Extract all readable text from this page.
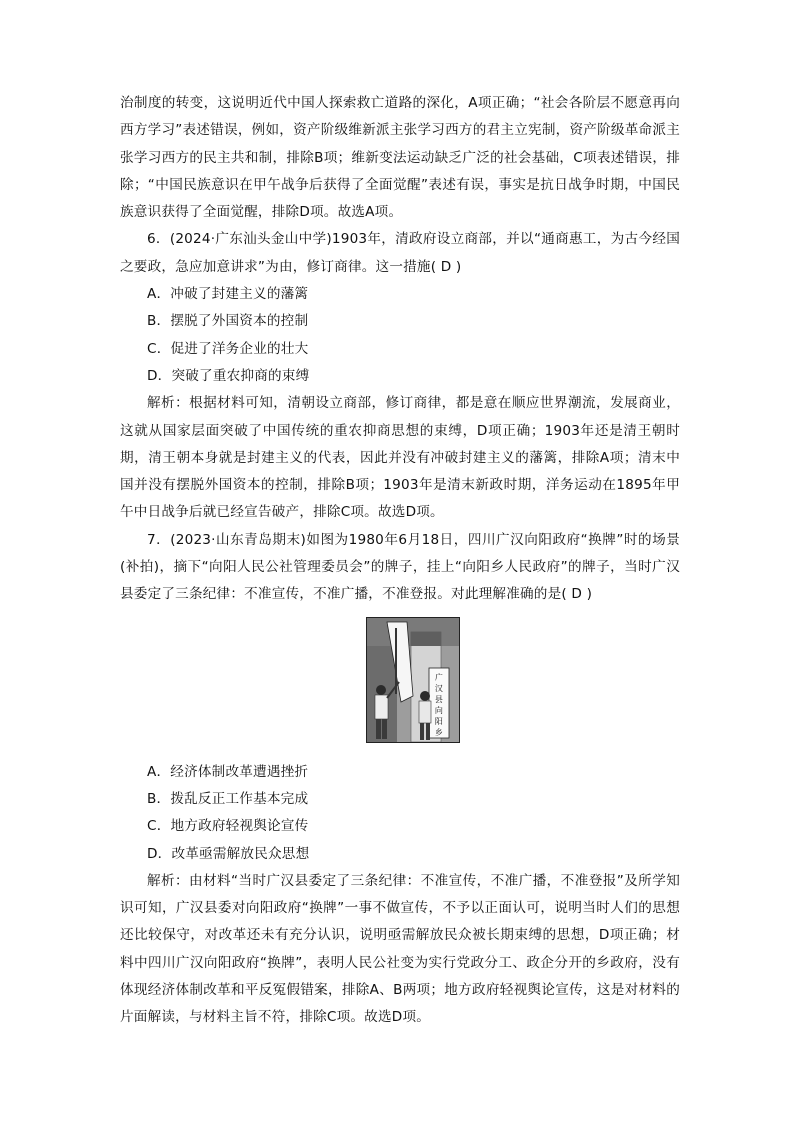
治制度的转变，这说明近代中国人探索救亡道路的深化，A项正确；“社会各阶层不愿意再向西方学习”表述错误，例如，资产阶级维新派主张学习西方的君主立宪制，资产阶级革命派主张学习西方的民主共和制，排除B项；维新变法运动缺乏广泛的社会基础，C项表述错误，排除；“中国民族意识在甲午战争后获得了全面觉醒”表述有误，事实是抗日战争时期，中国民族意识获得了全面觉醒，排除D项。故选A项。

6．(2024·广东汕头金山中学)1903年，清政府设立商部，并以“通商惠工，为古今经国之要政，急应加意讲求”为由，修订商律。这一措施( D )

A．冲破了封建主义的藩篱

B．摆脱了外国资本的控制

C．促进了洋务企业的壮大

D．突破了重农抑商的束缚

解析：根据材料可知，清朝设立商部，修订商律，都是意在顺应世界潮流，发展商业，这就从国家层面突破了中国传统的重农抑商思想的束缚，D项正确；1903年还是清王朝时期，清王朝本身就是封建主义的代表，因此并没有冲破封建主义的藩篱，排除A项；清末中国并没有摆脱外国资本的控制，排除B项；1903年是清末新政时期，洋务运动在1895年甲午中日战争后就已经宣告破产，排除C项。故选D项。

7．(2023·山东青岛期末)如图为1980年6月18日，四川广汉向阳政府“换牌”时的场景(补拍)，摘下“向阳人民公社管理委员会”的牌子，挂上“向阳乡人民政府”的牌子，当时广汉县委定了三条纪律：不准宣传，不准广播，不准登报。对此理解准确的是( D )

广
汉
县
向
阳
乡

A．经济体制改革遭遇挫折

B．拨乱反正工作基本完成

C．地方政府轻视舆论宣传

D．改革亟需解放民众思想

解析：由材料“当时广汉县委定了三条纪律：不准宣传，不准广播，不准登报”及所学知识可知，广汉县委对向阳政府“换牌”一事不做宣传，不予以正面认可，说明当时人们的思想还比较保守，对改革还未有充分认识，说明亟需解放民众被长期束缚的思想，D项正确；材料中四川广汉向阳政府“换牌”，表明人民公社变为实行党政分工、政企分开的乡政府，没有体现经济体制改革和平反冤假错案，排除A、B两项；地方政府轻视舆论宣传，这是对材料的片面解读，与材料主旨不符，排除C项。故选D项。
